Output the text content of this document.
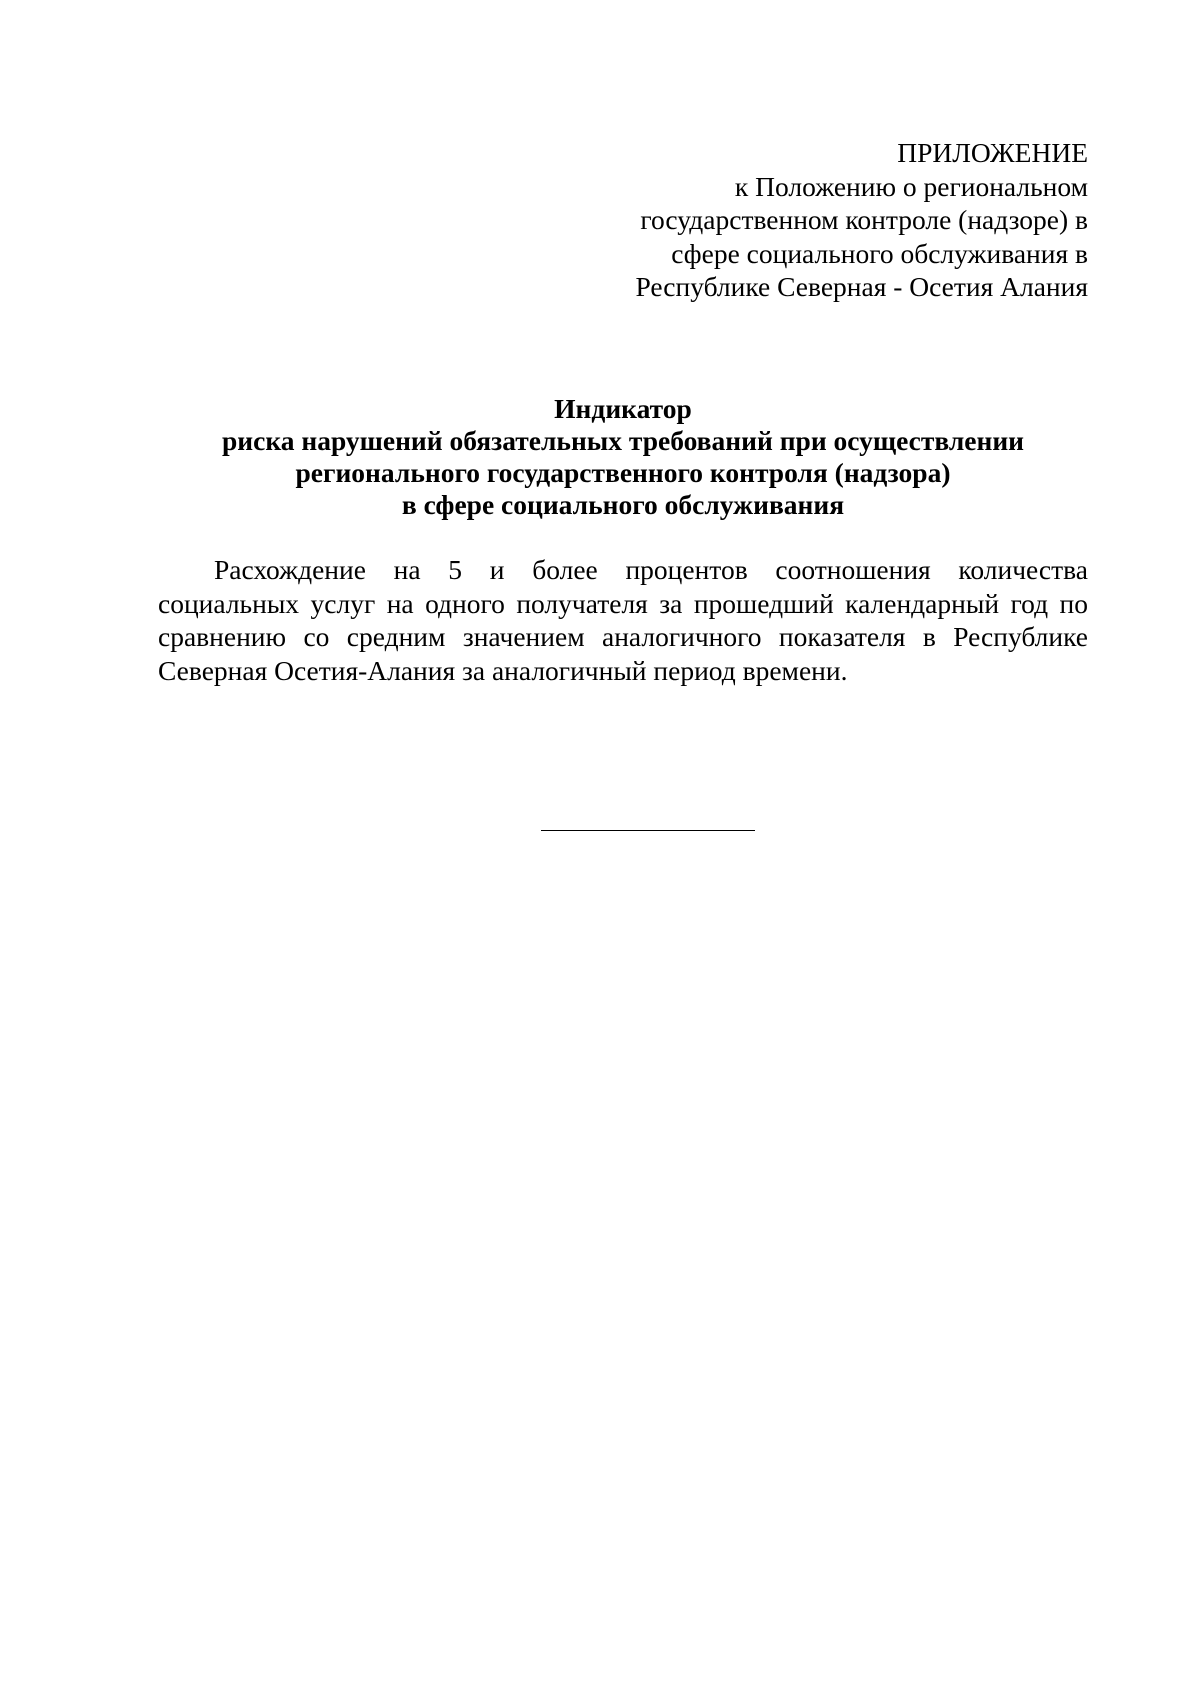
ПРИЛОЖЕНИЕ
к Положению о региональном
государственном контроле (надзоре) в
сфере социального обслуживания в
Республике Северная - Осетия Алания
Индикатор
риска нарушений обязательных требований при осуществлении
регионального государственного контроля (надзора)
в сфере социального обслуживания

Расхождение на 5 и более процентов соотношения количества социальных услуг на одного получателя за прошедший календарный год по сравнению со средним значением аналогичного показателя в Республике Северная Осетия-Алания за аналогичный период времени.
